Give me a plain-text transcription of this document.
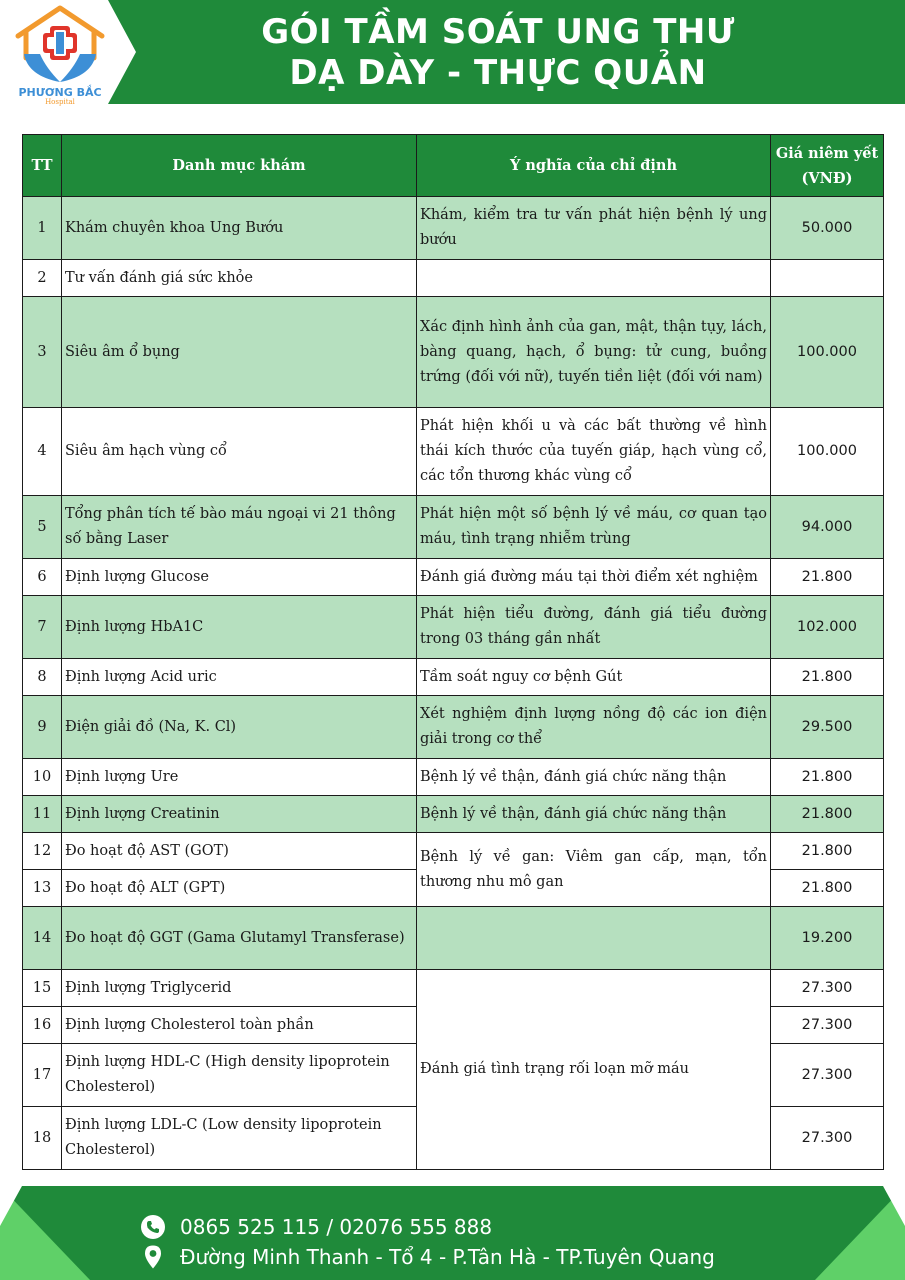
PHƯƠNG BẮC
Hospital
GÓI TẦM SOÁT UNG THƯ
DẠ DÀY - THỰC QUẢN
TT	Danh mục khám	Ý nghĩa của chỉ định	Giá niêm yết
(VNĐ)

1	Khám chuyên khoa Ung Bướu	Khám, kiểm tra tư vấn phát hiện bệnh lý ung bướu	50.000
2	Tư vấn đánh giá sức khỏe		
3	Siêu âm ổ bụng	Xác định hình ảnh của gan, mật, thận tụy, lách, bàng quang, hạch, ổ bụng: tử cung, buồng trứng (đối với nữ), tuyến tiền liệt (đối với nam)	100.000
4	Siêu âm hạch vùng cổ	Phát hiện khối u và các bất thường về hình thái kích thước của tuyến giáp, hạch vùng cổ, các tổn thương khác vùng cổ	100.000
5	Tổng phân tích tế bào máu ngoại vi 21 thông số bằng Laser	Phát hiện một số bệnh lý về máu, cơ quan tạo máu, tình trạng nhiễm trùng	94.000
6	Định lượng Glucose	Đánh giá đường máu tại thời điểm xét nghiệm	21.800
7	Định lượng HbA1C	Phát hiện tiểu đường, đánh giá tiểu đường trong 03 tháng gần nhất	102.000
8	Định lượng Acid uric	Tầm soát nguy cơ bệnh Gút	21.800
9	Điện giải đồ (Na, K. Cl)	Xét nghiệm định lượng nồng độ các ion điện giải trong cơ thể	29.500
10	Định lượng Ure	Bệnh lý về thận, đánh giá chức năng thận	21.800
11	Định lượng Creatinin	Bệnh lý về thận, đánh giá chức năng thận	21.800
12	Đo hoạt độ AST (GOT)	Bệnh lý về gan: Viêm gan cấp, mạn, tổn thương nhu mô gan	21.800
13	Đo hoạt độ ALT (GPT)		21.800
14	Đo hoạt độ GGT (Gama Glutamyl Transferase)		19.200
15	Định lượng Triglycerid	Đánh giá tình trạng rối loạn mỡ máu	27.300
16	Định lượng Cholesterol toàn phần		27.300
17	Định lượng HDL-C (High density lipoprotein Cholesterol)		27.300
18	Định lượng LDL-C (Low density lipoprotein Cholesterol)		27.300
0865 525 115 / 02076 555 888
Đường Minh Thanh - Tổ 4 - P.Tân Hà - TP.Tuyên Quang
